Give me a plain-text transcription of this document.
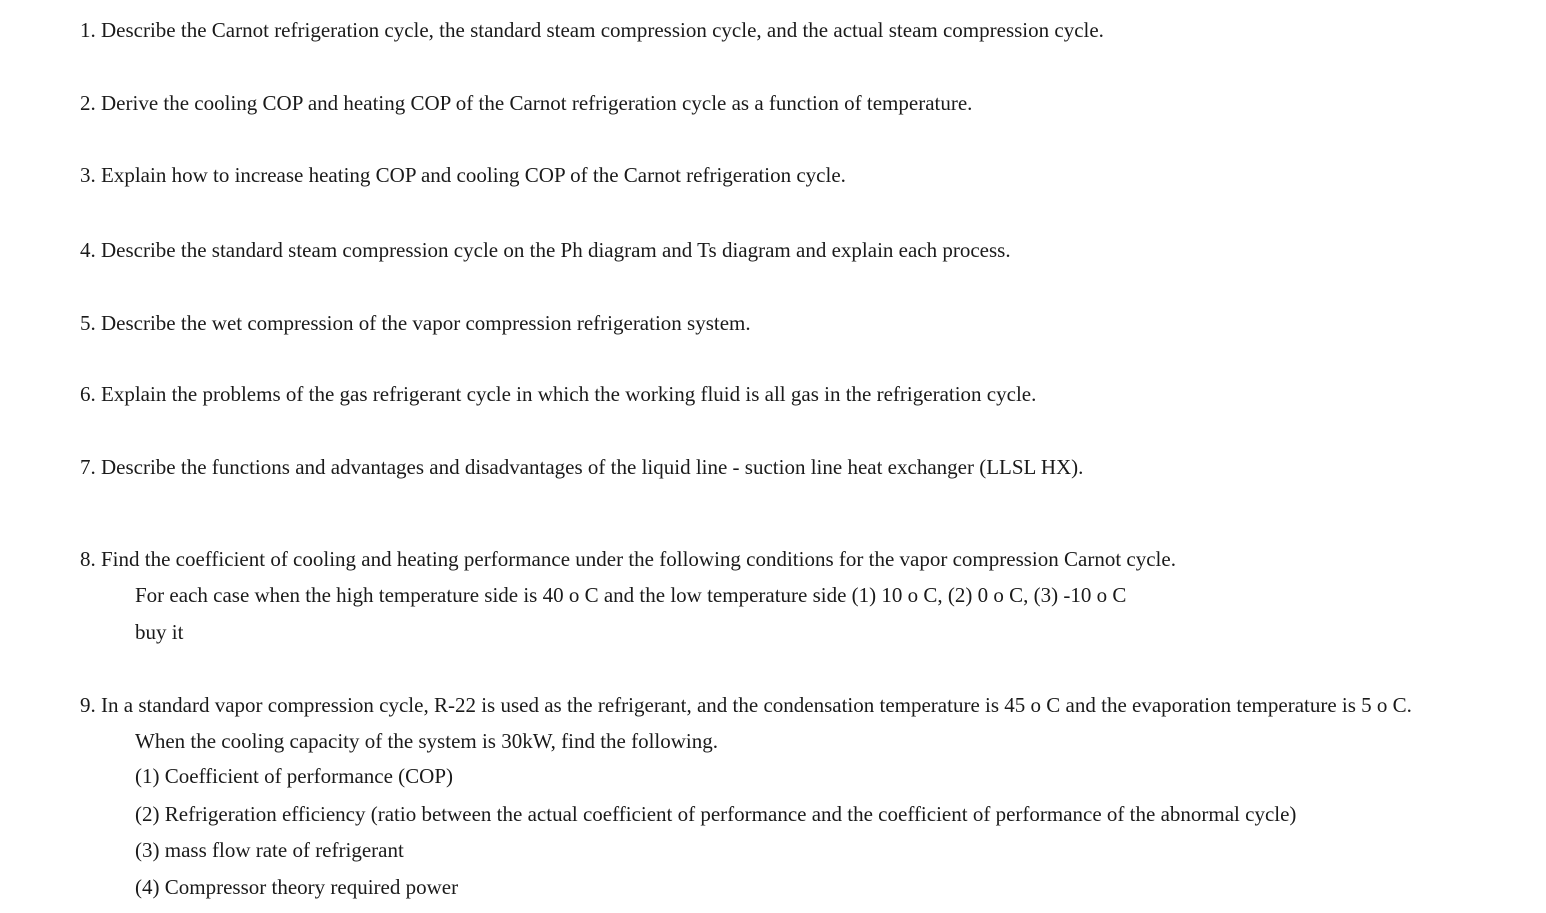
1. Describe the Carnot refrigeration cycle, the standard steam compression cycle, and the actual steam compression cycle.
2. Derive the cooling COP and heating COP of the Carnot refrigeration cycle as a function of temperature.
3. Explain how to increase heating COP and cooling COP of the Carnot refrigeration cycle.
4. Describe the standard steam compression cycle on the Ph diagram and Ts diagram and explain each process.
5. Describe the wet compression of the vapor compression refrigeration system.
6. Explain the problems of the gas refrigerant cycle in which the working fluid is all gas in the refrigeration cycle.
7. Describe the functions and advantages and disadvantages of the liquid line - suction line heat exchanger (LLSL HX).
8. Find the coefficient of cooling and heating performance under the following conditions for the vapor compression Carnot cycle.
For each case when the high temperature side is 40 o C and the low temperature side (1) 10 o C, (2) 0 o C, (3) -10 o C
buy it
9. In a standard vapor compression cycle, R-22 is used as the refrigerant, and the condensation temperature is 45 o C and the evaporation temperature is 5 o C.
When the cooling capacity of the system is 30kW, find the following.
(1) Coefficient of performance (COP)
(2) Refrigeration efficiency (ratio between the actual coefficient of performance and the coefficient of performance of the abnormal cycle)
(3) mass flow rate of refrigerant
(4) Compressor theory required power
